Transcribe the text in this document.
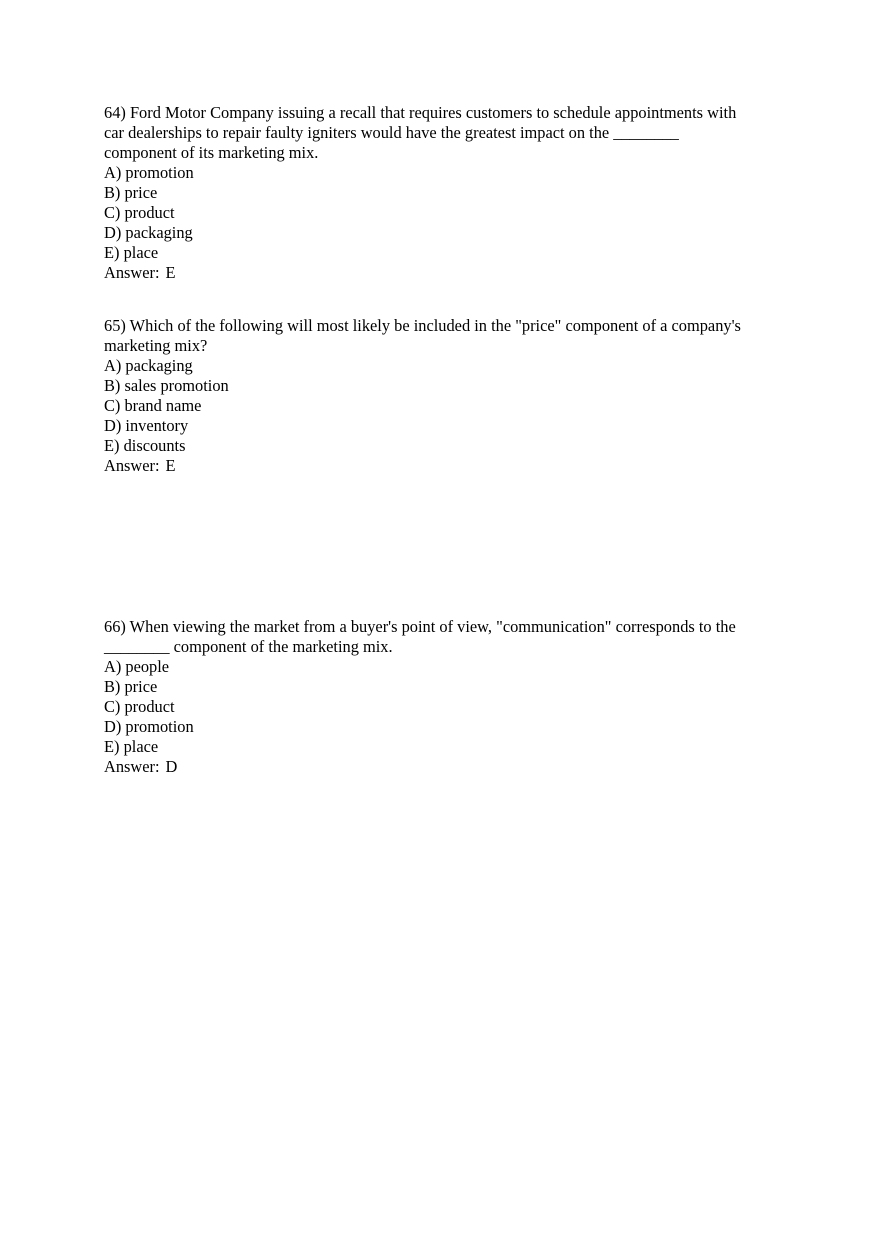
64) Ford Motor Company issuing a recall that requires customers to schedule appointments with
car dealerships to repair faulty igniters would have the greatest impact on the ________
component of its marketing mix.
A) promotion
B) price
C) product
D) packaging
E) place
Answer: E
65) Which of the following will most likely be included in the "price" component of a company's
marketing mix?
A) packaging
B) sales promotion
C) brand name
D) inventory
E) discounts
Answer: E
66) When viewing the market from a buyer's point of view, "communication" corresponds to the
________ component of the marketing mix.
A) people
B) price
C) product
D) promotion
E) place
Answer: D
